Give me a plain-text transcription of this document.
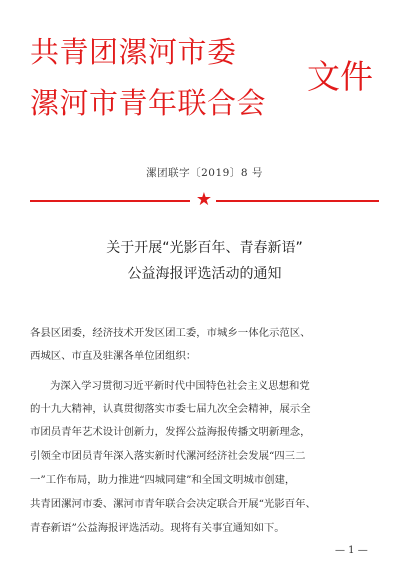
共青团漯河市委
漯河市青年联合会
文件
漯团联字〔2019〕8 号
★
关于开展“光影百年、青春新语”
公益海报评选活动的通知
各县区团委，经济技术开发区团工委，市城乡一体化示范区、
西城区、市直及驻漯各单位团组织：
为深入学习贯彻习近平新时代中国特色社会主义思想和党
的十九大精神，认真贯彻落实市委七届九次全会精神，展示全
市团员青年艺术设计创新力，发挥公益海报传播文明新理念，
引领全市团员青年深入落实新时代漯河经济社会发展“四三二
一”工作布局，助力推进“四城同建”和全国文明城市创建，
共青团漯河市委、漯河市青年联合会决定联合开展“光影百年、
青春新语”公益海报评选活动。现将有关事宜通知如下。
— 1 —
